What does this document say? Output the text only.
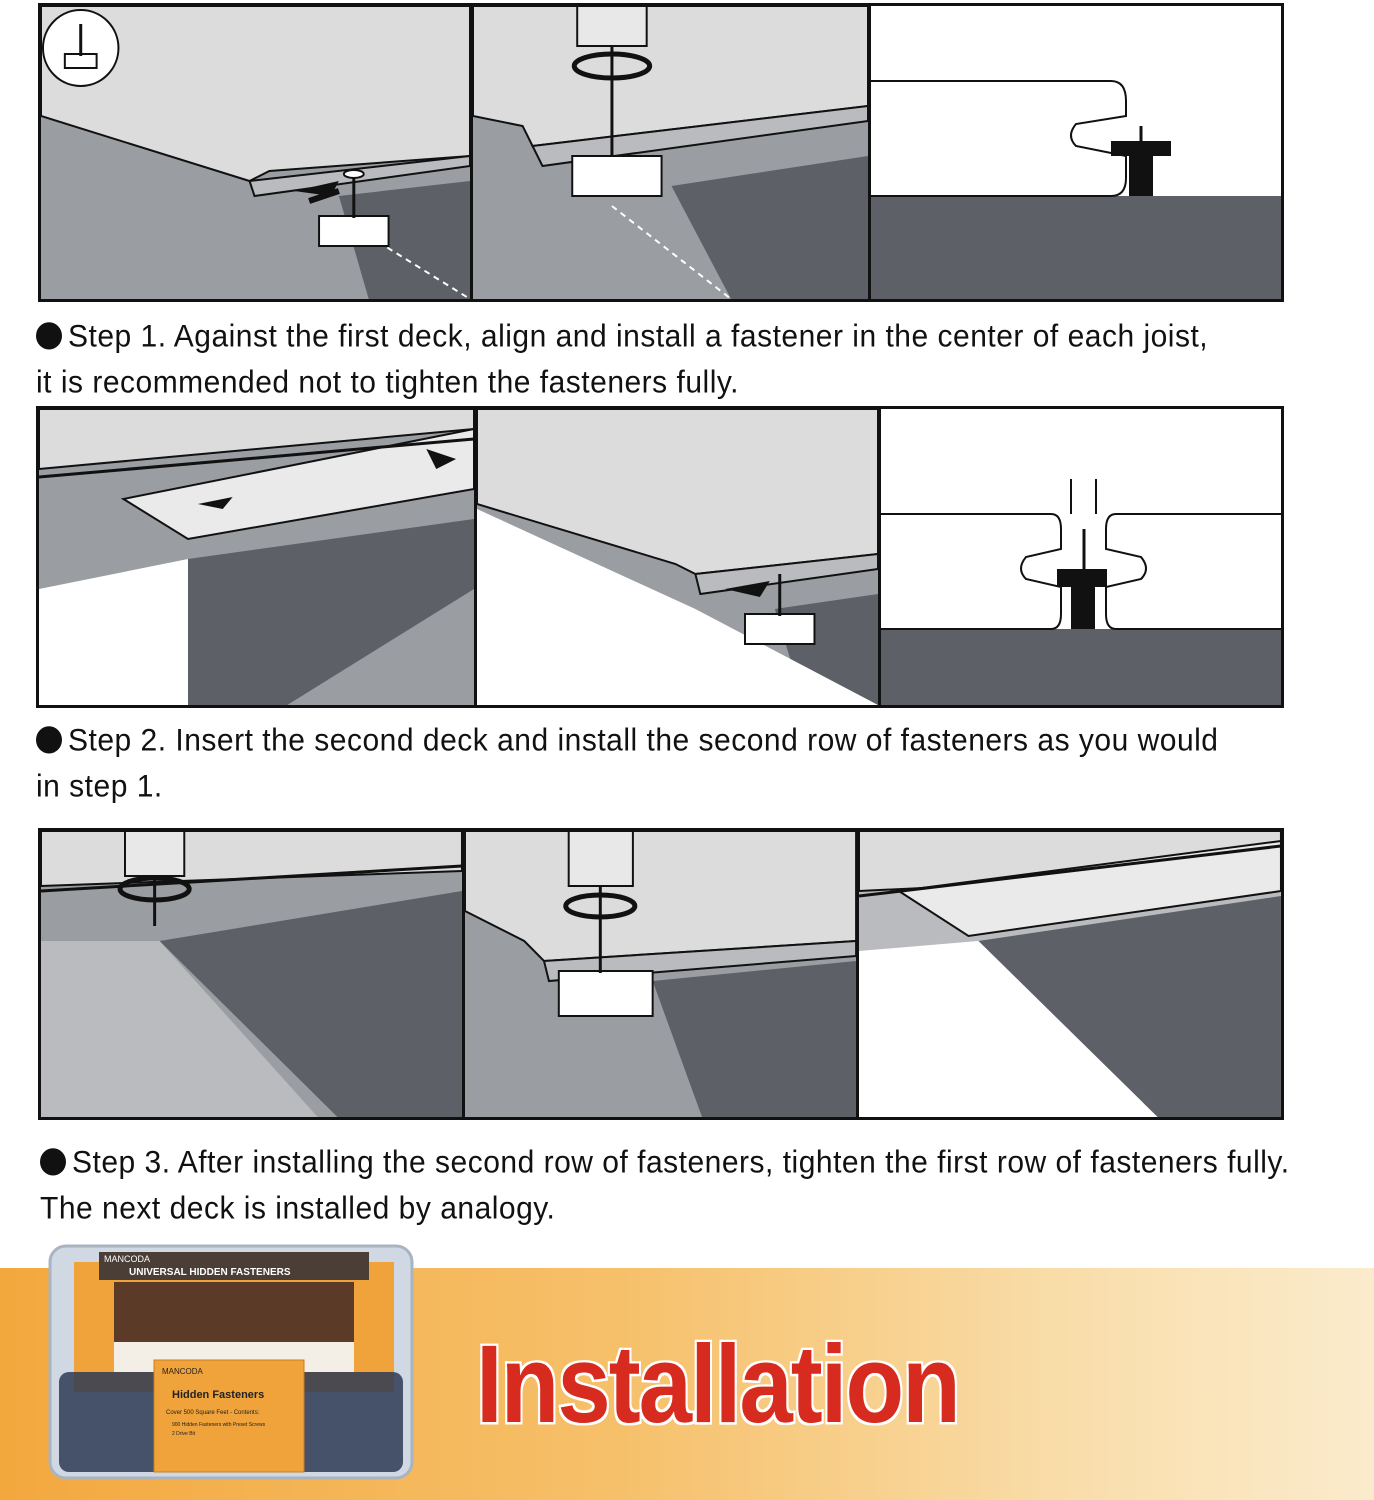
Step 1. Against the first deck, align and install a fastener in the center of each joist,
it is recommended not to tighten the fasteners fully.
Step 2. Insert the second deck and install the second row of fasteners as you would
in step 1.
Step 3. After installing the second row of fasteners, tighten the first row of fasteners fully.
The next deck is installed by analogy.
MANCODA
UNIVERSAL HIDDEN FASTENERS
MANCODA
Hidden Fasteners
Cover 500 Square Feet - Contents:
900 Hidden Fasteners with Preset Screws
2 Drive Bit	Installation
